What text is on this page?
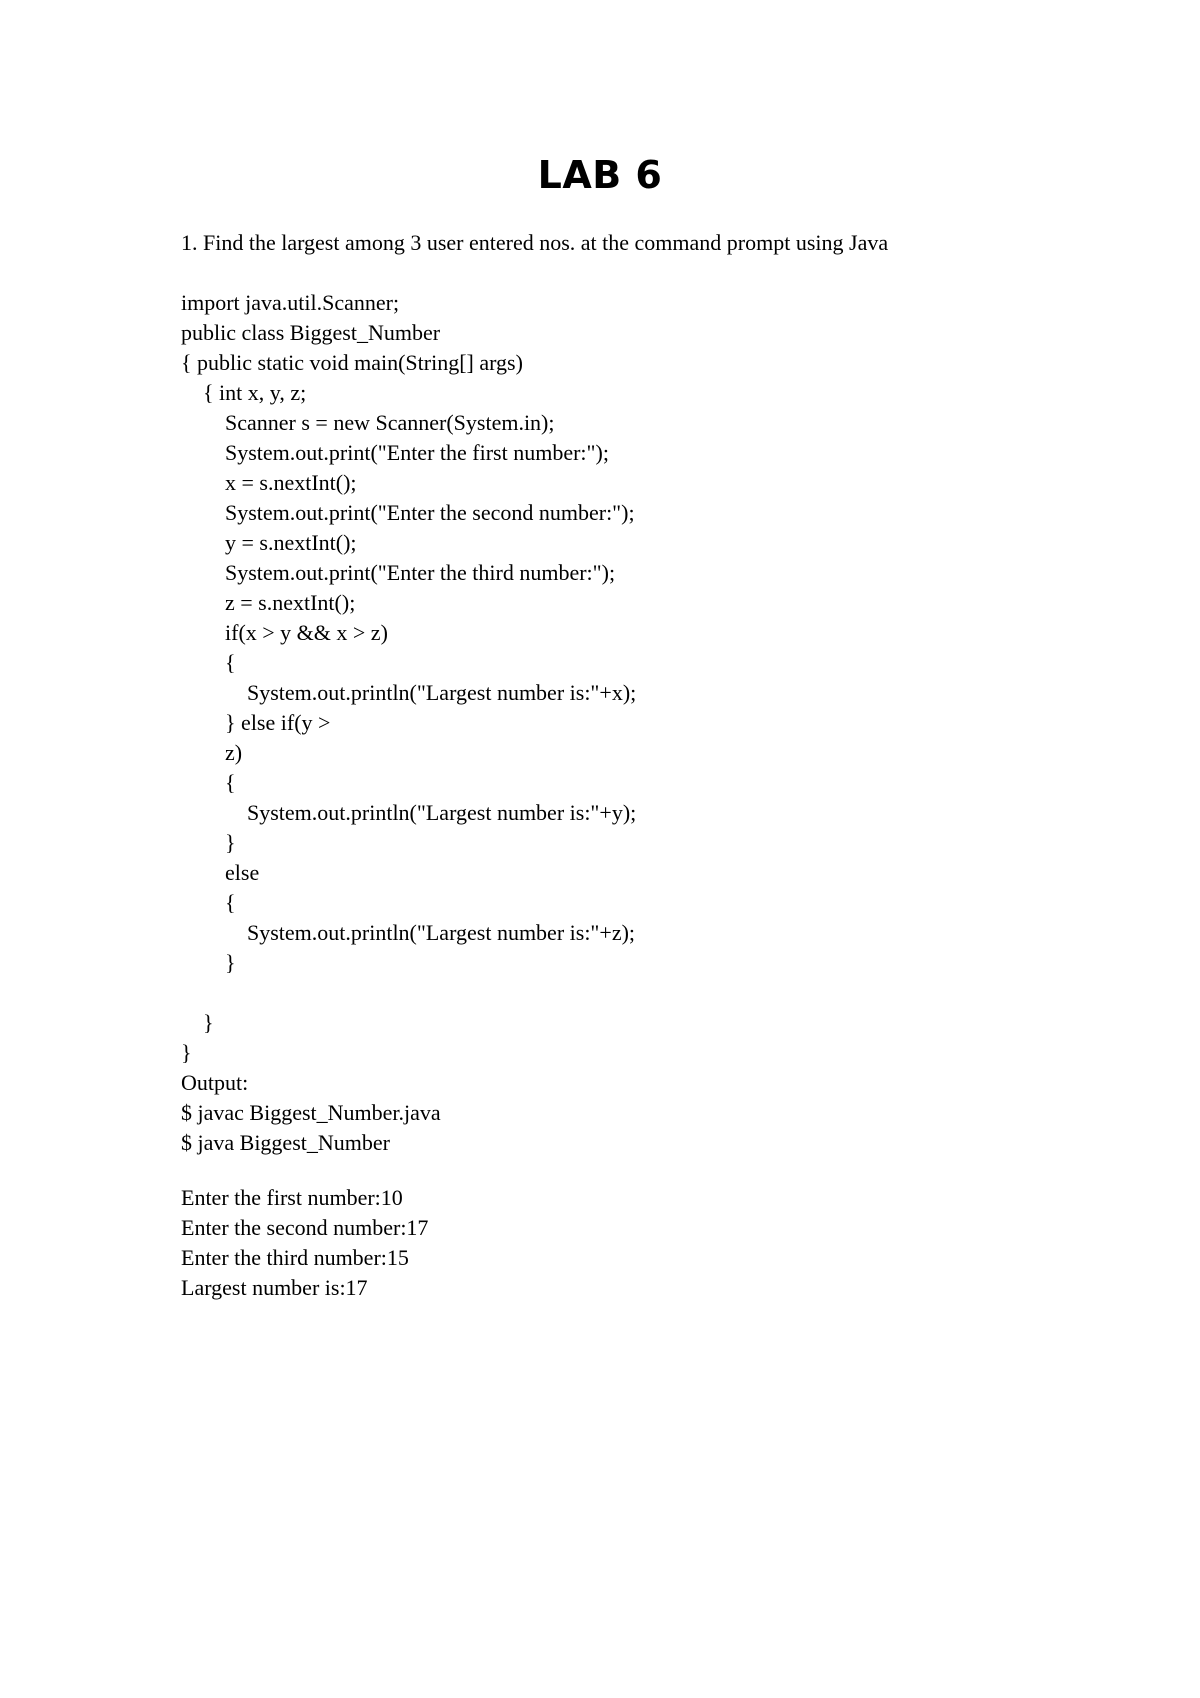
LAB 6
1. Find the largest among 3 user entered nos. at the command prompt using Java
import java.util.Scanner;
public class Biggest_Number
{ public static void main(String[] args)
{ int x, y, z;
Scanner s = new Scanner(System.in);
System.out.print("Enter the first number:");
x = s.nextInt();
System.out.print("Enter the second number:");
y = s.nextInt();
System.out.print("Enter the third number:");
z = s.nextInt();
if(x > y && x > z)
{
System.out.println("Largest number is:"+x);
} else if(y >
z)
{
System.out.println("Largest number is:"+y);
}
else
{
System.out.println("Largest number is:"+z);
}
}
}
Output:
$ javac Biggest_Number.java
$ java Biggest_Number
Enter the first number:10
Enter the second number:17
Enter the third number:15
Largest number is:17
